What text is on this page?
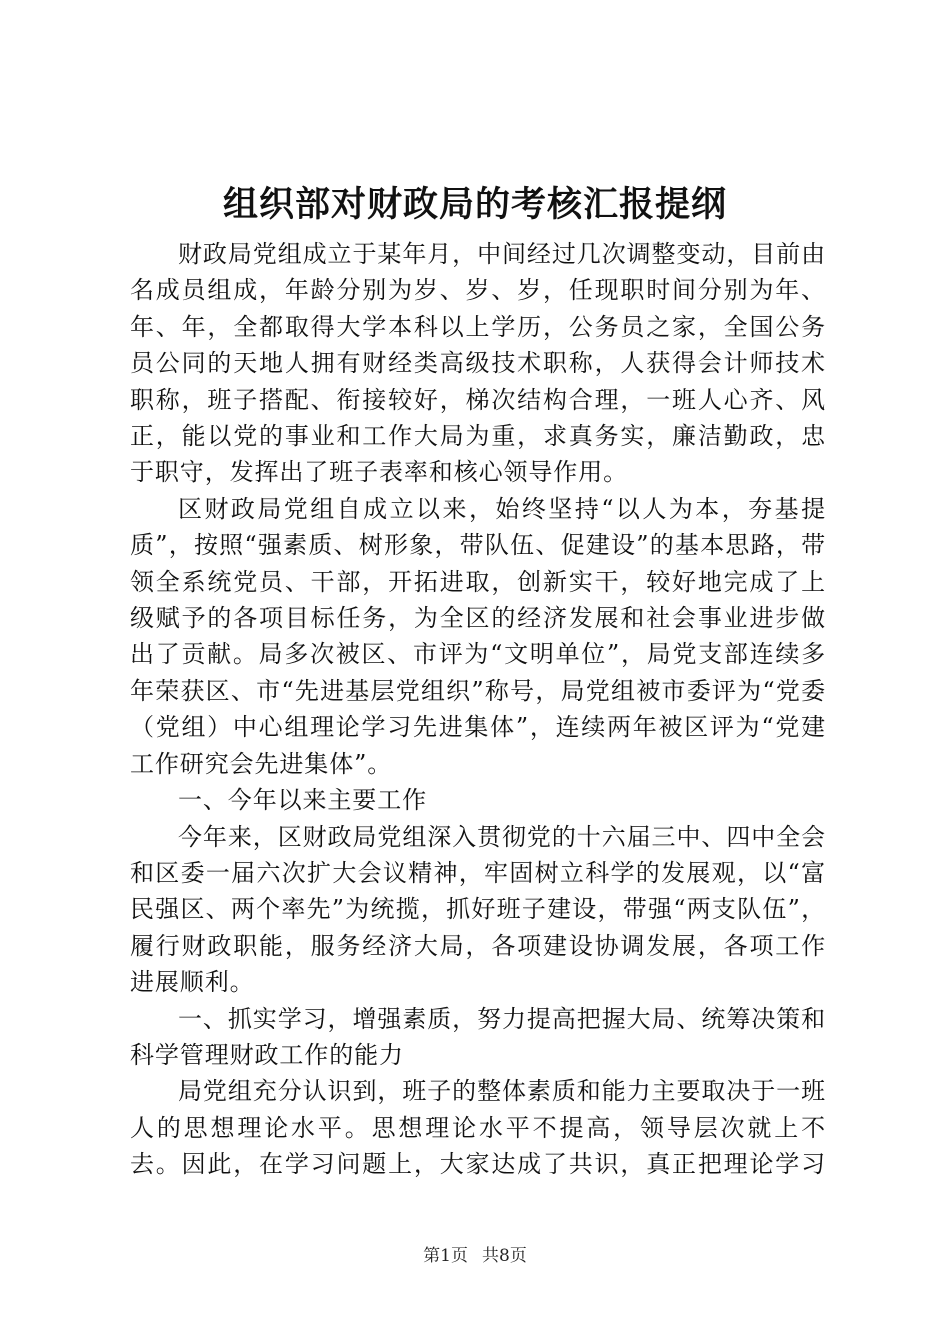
组织部对财政局的考核汇报提纲

财政局党组成立于某年月，中间经过几次调整变动，目前由名成员组成，年龄分别为岁、岁、岁，任现职时间分别为年、年、年，全都取得大学本科以上学历，公务员之家，全国公务员公同的天地人拥有财经类高级技术职称，人获得会计师技术职称，班子搭配、衔接较好，梯次结构合理，一班人心齐、风正，能以党的事业和工作大局为重，求真务实，廉洁勤政，忠于职守，发挥出了班子表率和核心领导作用。

区财政局党组自成立以来，始终坚持“以人为本，夯基提质”，按照“强素质、树形象，带队伍、促建设”的基本思路，带领全系统党员、干部，开拓进取，创新实干，较好地完成了上级赋予的各项目标任务，为全区的经济发展和社会事业进步做出了贡献。局多次被区、市评为“文明单位”，局党支部连续多年荣获区、市“先进基层党组织”称号，局党组被市委评为“党委（党组）中心组理论学习先进集体”，连续两年被区评为“党建工作研究会先进集体”。

一、今年以来主要工作

今年来，区财政局党组深入贯彻党的十六届三中、四中全会和区委一届六次扩大会议精神，牢固树立科学的发展观，以“富民强区、两个率先”为统揽，抓好班子建设，带强“两支队伍”，履行财政职能，服务经济大局，各项建设协调发展，各项工作进展顺利。

一、抓实学习，增强素质，努力提高把握大局、统筹决策和科学管理财政工作的能力

局党组充分认识到，班子的整体素质和能力主要取决于一班人的思想理论水平。思想理论水平不提高，领导层次就上不去。因此，在学习问题上，大家达成了共识，真正把理论学习

第1页 共8页
